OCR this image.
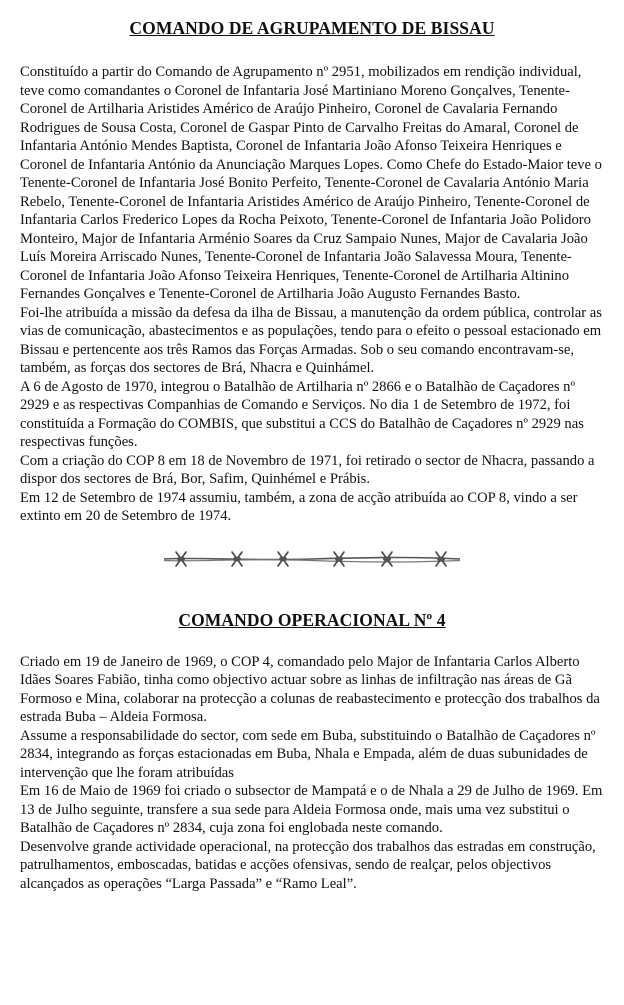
COMANDO DE AGRUPAMENTO DE BISSAU

Constituído a partir do Comando de Agrupamento nº 2951, mobilizados em rendição individual, teve como comandantes o Coronel de Infantaria José Martiniano Moreno Gonçalves, Tenente-Coronel de Artilharia Aristides Américo de Araújo Pinheiro, Coronel de Cavalaria Fernando Rodrigues de Sousa Costa, Coronel de Gaspar Pinto de Carvalho Freitas do Amaral, Coronel de Infantaria António Mendes Baptista, Coronel de Infantaria João Afonso Teixeira Henriques e Coronel de Infantaria António da Anunciação Marques Lopes. Como Chefe do Estado-Maior teve o Tenente-Coronel de Infantaria José Bonito Perfeito, Tenente-Coronel de Cavalaria António Maria Rebelo, Tenente-Coronel de Infantaria Aristides Américo de Araújo Pinheiro, Tenente-Coronel de Infantaria Carlos Frederico Lopes da Rocha Peixoto, Tenente-Coronel de Infantaria João Polidoro Monteiro, Major de Infantaria Arménio Soares da Cruz Sampaio Nunes, Major de Cavalaria João Luís Moreira Arriscado Nunes, Tenente-Coronel de Infantaria João Salavessa Moura, Tenente-Coronel de Infantaria João Afonso Teixeira Henriques, Tenente-Coronel de Artilharia Altinino Fernandes Gonçalves e Tenente-Coronel de Artilharia João Augusto Fernandes Basto.

Foi-lhe atribuída a missão da defesa da ilha de Bissau, a manutenção da ordem pública, controlar as vias de comunicação, abastecimentos e as populações, tendo para o efeito o pessoal estacionado em Bissau e pertencente aos três Ramos das Forças Armadas. Sob o seu comando encontravam-se, também, as forças dos sectores de Brá, Nhacra e Quinhámel.

A 6 de Agosto de 1970, integrou o Batalhão de Artilharia nº 2866 e o Batalhão de Caçadores nº 2929 e as respectivas Companhias de Comando e Serviços. No dia 1 de Setembro de 1972, foi constituída a Formação do COMBIS, que substitui a CCS do Batalhão de Caçadores nº 2929 nas respectivas funções.

Com a criação do COP 8 em 18 de Novembro de 1971, foi retirado o sector de Nhacra, passando a dispor dos sectores de Brá, Bor, Safim, Quinhémel e Prábis.

Em 12 de Setembro de 1974 assumiu, também, a zona de acção atribuída ao COP 8, vindo a ser extinto em 20 de Setembro de 1974.

COMANDO OPERACIONAL Nº 4

Criado em 19 de Janeiro de 1969, o COP 4, comandado pelo Major de Infantaria Carlos Alberto Idães Soares Fabião, tinha como objectivo actuar sobre as linhas de infiltração nas áreas de Gã Formoso e Mina, colaborar na protecção a colunas de reabastecimento e protecção dos trabalhos da estrada Buba – Aldeia Formosa.

Assume a responsabilidade do sector, com sede em Buba, substituindo o Batalhão de Caçadores nº 2834, integrando as forças estacionadas em Buba, Nhala e Empada, além de duas subunidades de intervenção que lhe foram atribuídas

Em 16 de Maio de 1969 foi criado o subsector de Mampatá e o de Nhala a 29 de Julho de 1969. Em 13 de Julho seguinte, transfere a sua sede para Aldeia Formosa onde, mais uma vez substitui o Batalhão de Caçadores nº 2834, cuja zona foi englobada neste comando.

Desenvolve grande actividade operacional, na protecção dos trabalhos das estradas em construção, patrulhamentos, emboscadas, batidas e acções ofensivas, sendo de realçar, pelos objectivos alcançados as operações “Larga Passada” e “Ramo Leal”.
